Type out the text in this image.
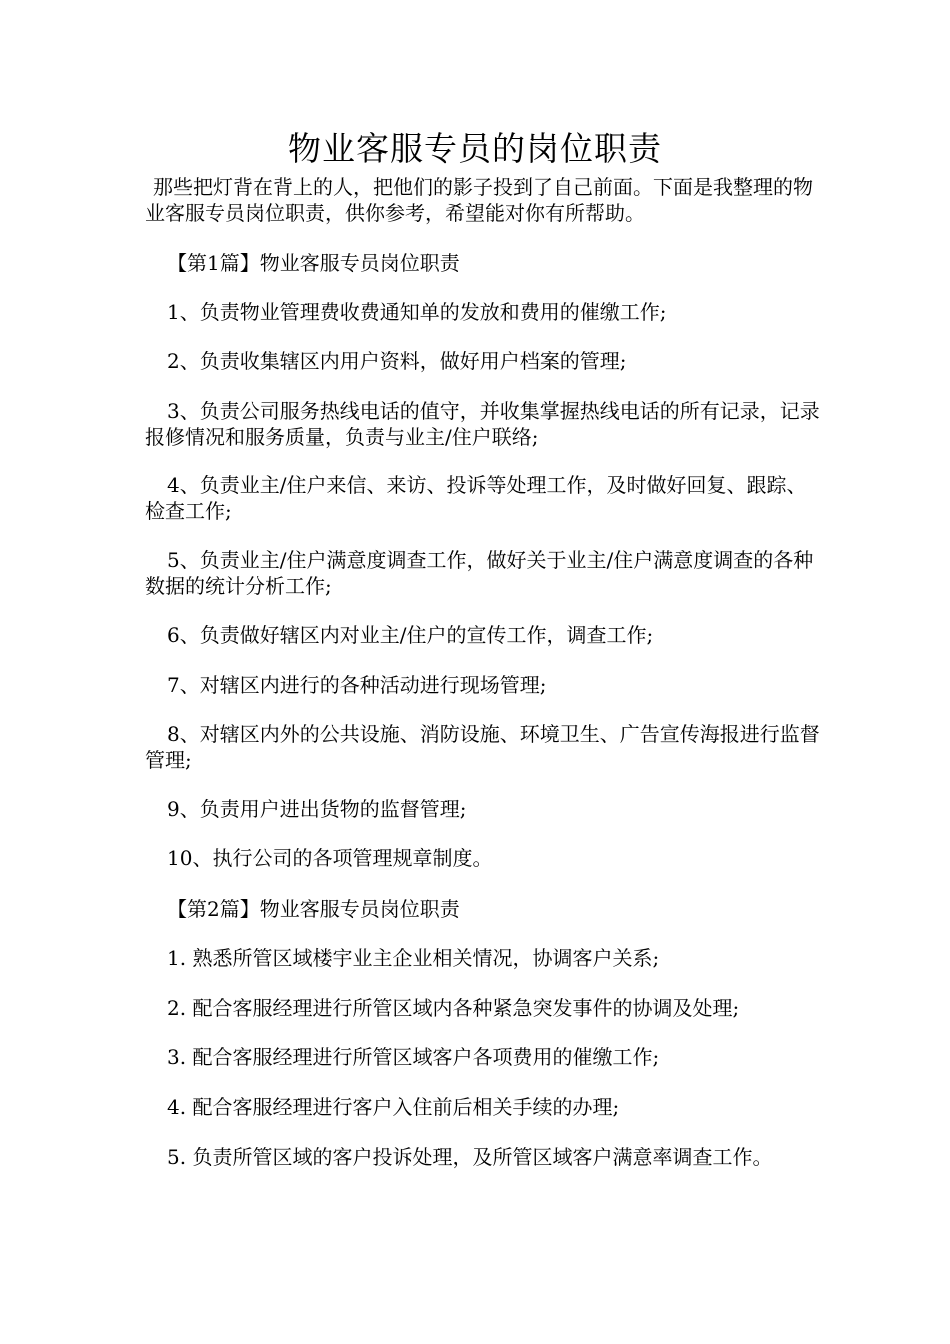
物业客服专员的岗位职责

那些把灯背在背上的人，把他们的影子投到了自己前面。下面是我整理的物业客服专员岗位职责，供你参考，希望能对你有所帮助。

【第1篇】物业客服专员岗位职责

1、负责物业管理费收费通知单的发放和费用的催缴工作;

2、负责收集辖区内用户资料，做好用户档案的管理;

3、负责公司服务热线电话的值守，并收集掌握热线电话的所有记录，记录报修情况和服务质量，负责与业主/住户联络;

4、负责业主/住户来信、来访、投诉等处理工作，及时做好回复、跟踪、检查工作;

5、负责业主/住户满意度调查工作，做好关于业主/住户满意度调查的各种数据的统计分析工作;

6、负责做好辖区内对业主/住户的宣传工作，调查工作;

7、对辖区内进行的各种活动进行现场管理;

8、对辖区内外的公共设施、消防设施、环境卫生、广告宣传海报进行监督管理;

9、负责用户进出货物的监督管理;

10、执行公司的各项管理规章制度。

【第2篇】物业客服专员岗位职责

1. 熟悉所管区域楼宇业主企业相关情况，协调客户关系;

2. 配合客服经理进行所管区域内各种紧急突发事件的协调及处理;

3. 配合客服经理进行所管区域客户各项费用的催缴工作;

4. 配合客服经理进行客户入住前后相关手续的办理;

5. 负责所管区域的客户投诉处理，及所管区域客户满意率调查工作。
